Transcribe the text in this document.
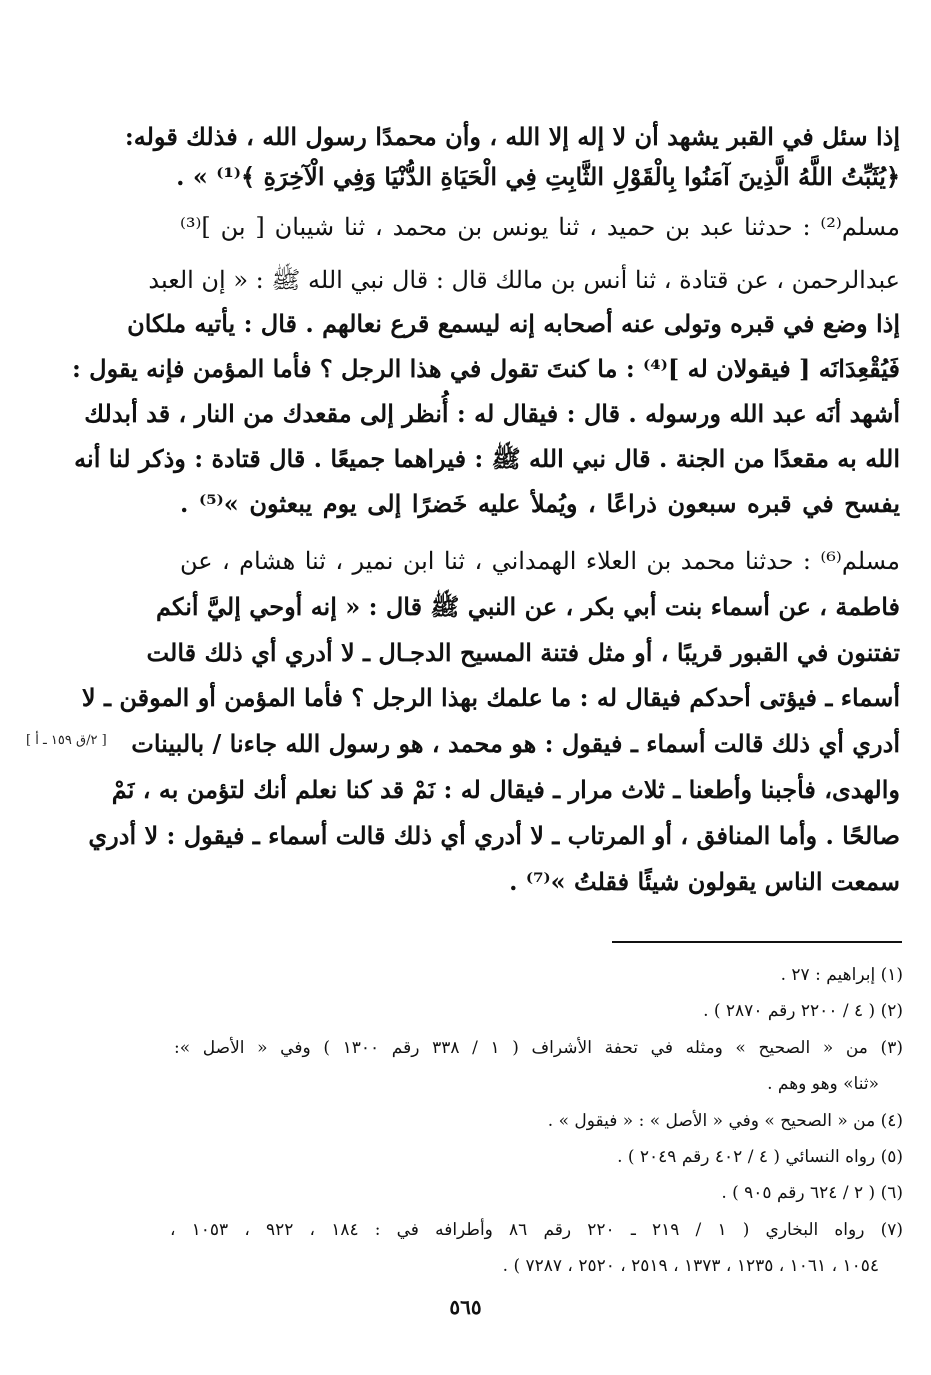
إذا سئل في القبر يشهد أن لا إله إلا الله ، وأن محمدًا رسول الله ، فذلك قوله:
﴿يُثَبِّتُ اللَّهُ الَّذِينَ آمَنُوا بِالْقَوْلِ الثَّابِتِ فِي الْحَيَاةِ الدُّنْيَا وَفِي الْآخِرَةِ ﴾⁽¹⁾ » .
مسلم⁽²⁾ : حدثنا عبد بن حميد ، ثنا يونس بن محمد ، ثنا شيبان [ بن ]⁽³⁾
عبدالرحمن ، عن قتادة ، ثنا أنس بن مالك قال : قال نبي الله ﷺ : « إن العبد
إذا وضع في قبره وتولى عنه أصحابه إنه ليسمع قرع نعالهم . قال : يأتيه ملكان
فَيُقْعِدَانَه [ فيقولان له ]⁽⁴⁾ : ما كنتَ تقول في هذا الرجل ؟ فأما المؤمن فإنه يقول :
أشهد أنَه عبد الله ورسوله . قال : فيقال له : أُنظر إلى مقعدك من النار ، قد أبدلك
الله به مقعدًا من الجنة . قال نبي الله ﷺ : فيراهما جميعًا . قال قتادة : وذكر لنا أنه
يفسح في قبره سبعون ذراعًا ، ويُملأ عليه خَضرًا إلى يوم يبعثون »⁽⁵⁾ .
مسلم⁽⁶⁾ : حدثنا محمد بن العلاء الهمداني ، ثنا ابن نمير ، ثنا هشام ، عن
فاطمة ، عن أسماء بنت أبي بكر ، عن النبي ﷺ قال : « إنه أوحي إليَّ أنكم
تفتنون في القبور قريبًا ، أو مثل فتنة المسيح الدجـال ـ لا أدري أي ذلك قالت
أسماء ـ فيؤتى أحدكم فيقال له : ما علمك بهذا الرجل ؟ فأما المؤمن أو الموقن ـ لا
أدري أي ذلك قالت أسماء ـ فيقول : هو محمد ، هو رسول الله جاءنا / بالبينات
والهدى، فأجبنا وأطعنا ـ ثلاث مرار ـ فيقال له : نَمْ قد كنا نعلم أنك لتؤمن به ، نَمْ
صالحًا . وأما المنافق ، أو المرتاب ـ لا أدري أي ذلك قالت أسماء ـ فيقول : لا أدري
سمعت الناس يقولون شيئًا فقلتُ »⁽⁷⁾ .
[ ٢/ق ١٥٩ ـ أ ]
(١) إبراهيم : ٢٧ .
(٢) ( ٤ / ٢٢٠٠ رقم ٢٨٧٠ ) .
(٣) من « الصحيح » ومثله في تحفة الأشراف ( ١ / ٣٣٨ رقم ١٣٠٠ ) وفي « الأصل »:
«ثنا» وهو وهم .
(٤) من « الصحيح » وفي « الأصل » : « فيقول » .
(٥) رواه النسائي ( ٤ / ٤٠٢ رقم ٢٠٤٩ ) .
(٦) ( ٢ / ٦٢٤ رقم ٩٠٥ ) .
(٧) رواه البخاري ( ١ / ٢١٩ ـ ٢٢٠ رقم ٨٦ وأطرافه في : ١٨٤ ، ٩٢٢ ، ١٠٥٣ ،
١٠٥٤ ، ١٠٦١ ، ١٢٣٥ ، ١٣٧٣ ، ٢٥١٩ ، ٢٥٢٠ ، ٧٢٨٧ ) .
٥٦٥
